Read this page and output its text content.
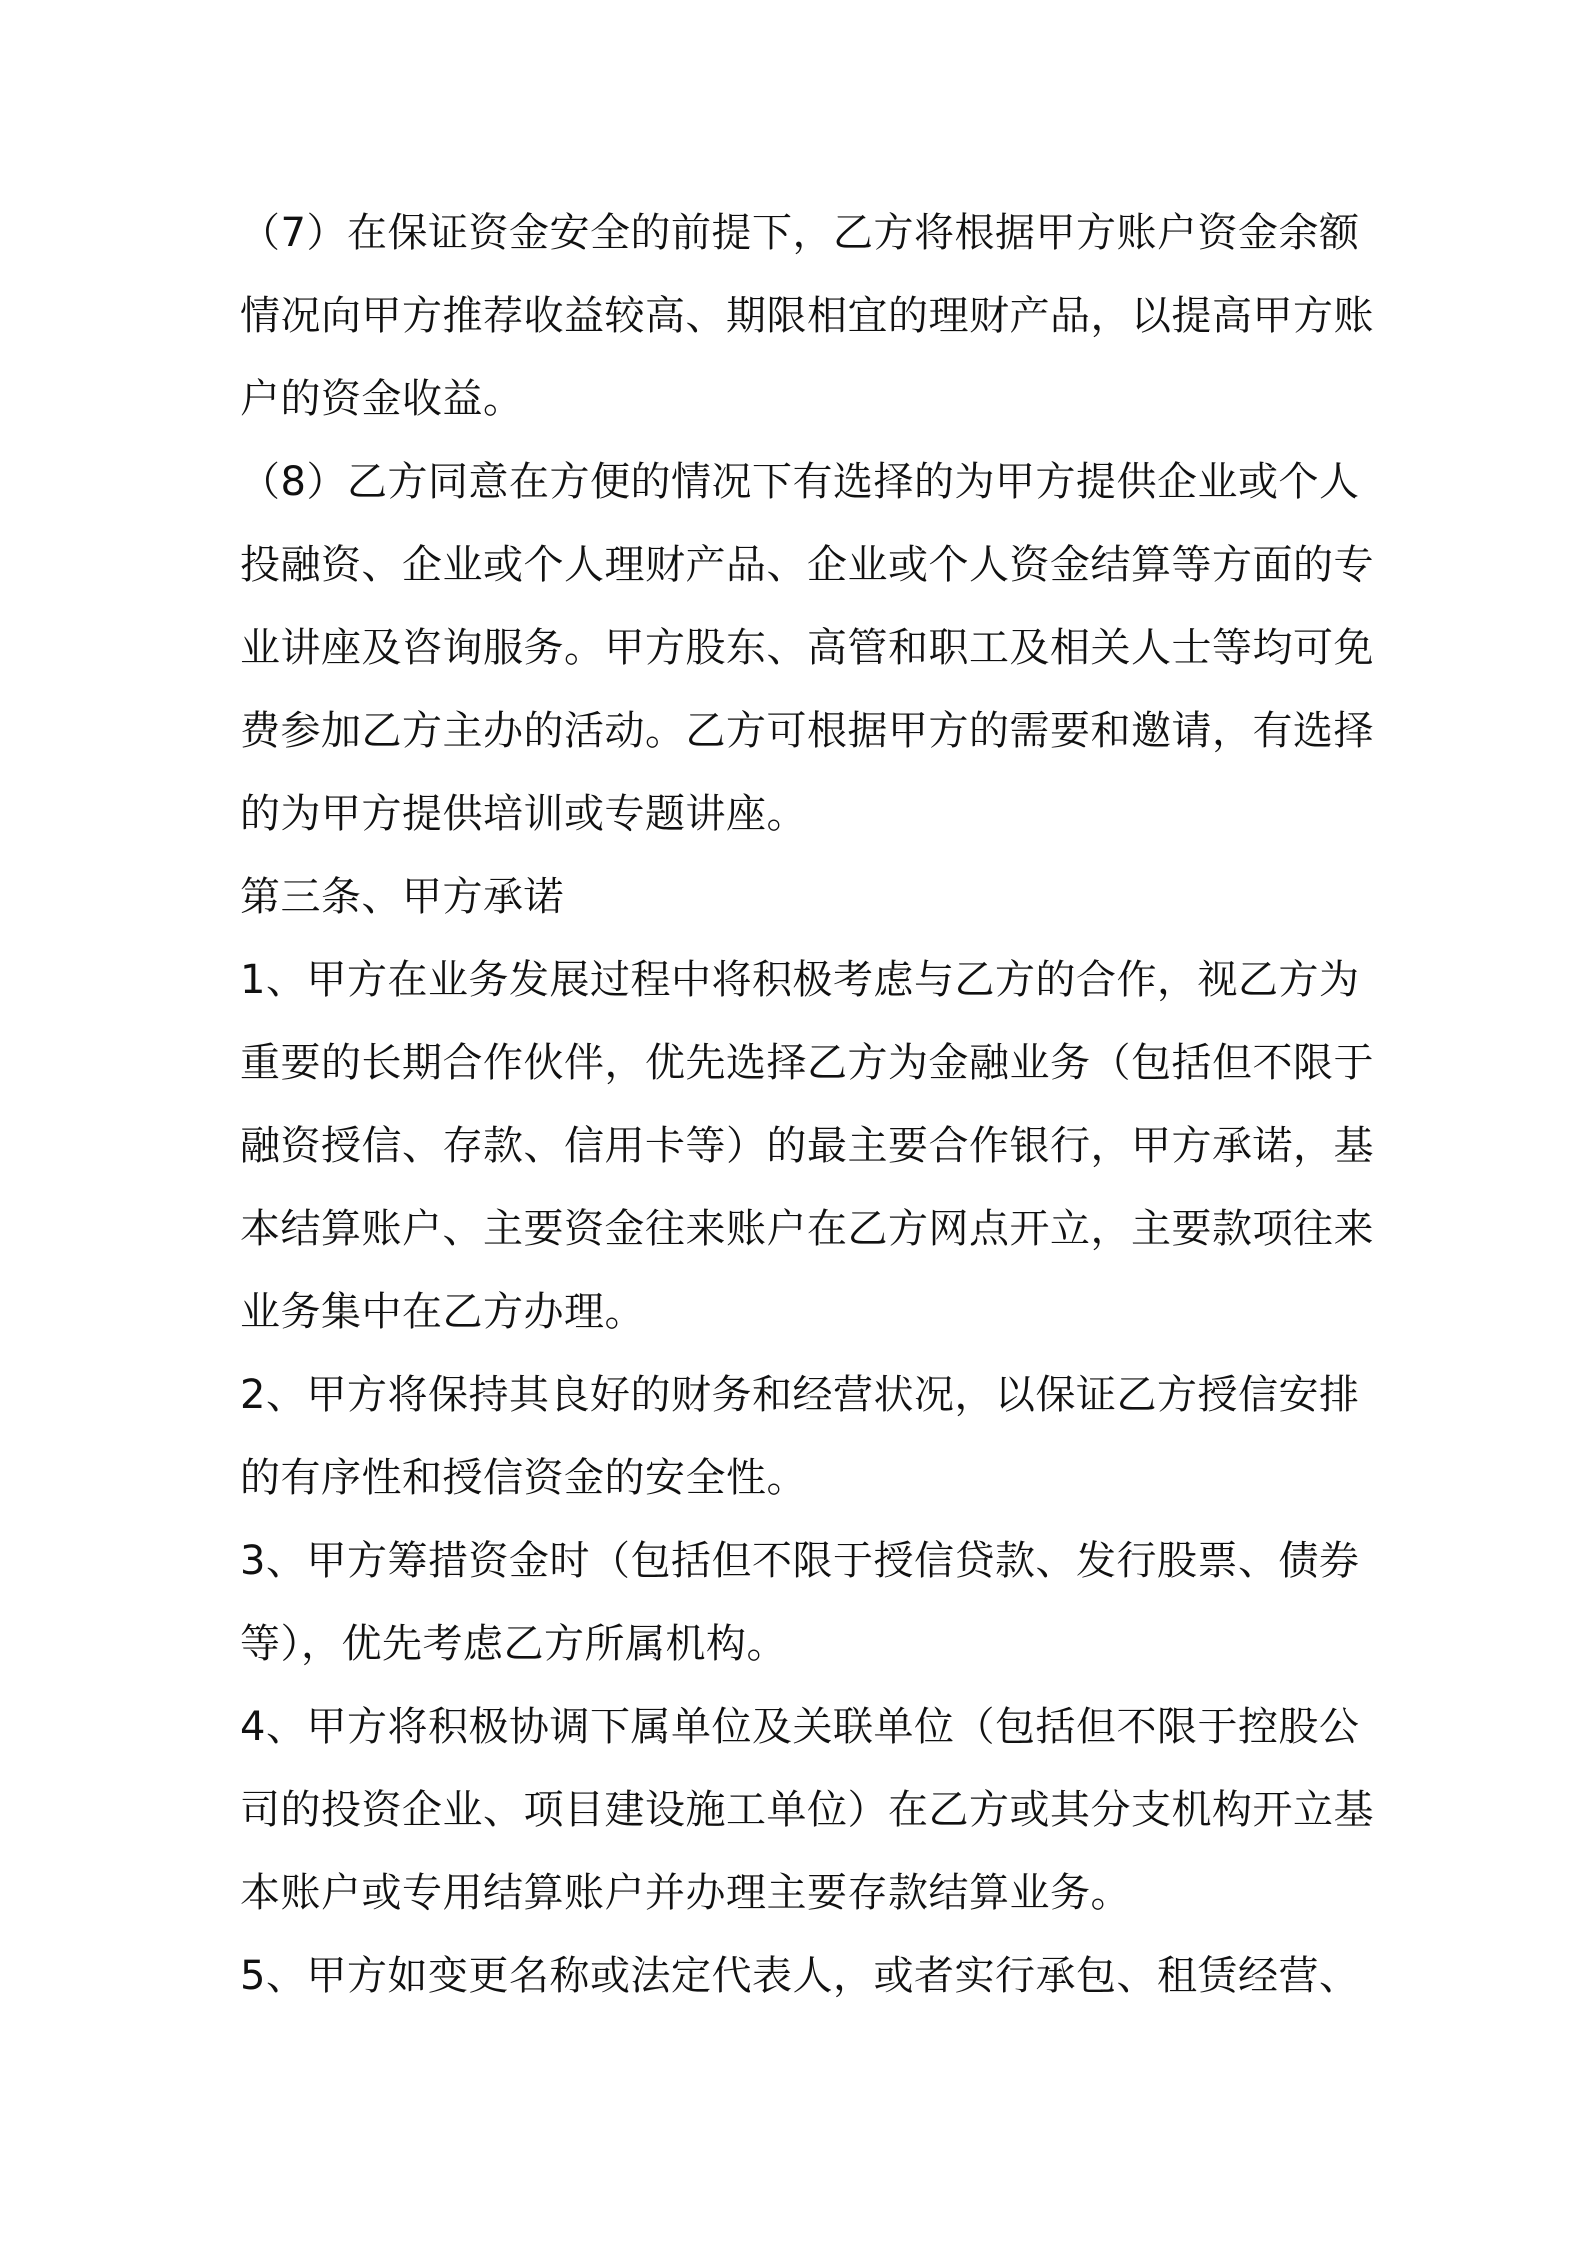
（7）在保证资金安全的前提下，乙方将根据甲方账户资金余额
情况向甲方推荐收益较高、期限相宜的理财产品，以提高甲方账
户的资金收益。
（8）乙方同意在方便的情况下有选择的为甲方提供企业或个人
投融资、企业或个人理财产品、企业或个人资金结算等方面的专
业讲座及咨询服务。甲方股东、高管和职工及相关人士等均可免
费参加乙方主办的活动。乙方可根据甲方的需要和邀请，有选择
的为甲方提供培训或专题讲座。
第三条、甲方承诺
1、甲方在业务发展过程中将积极考虑与乙方的合作，视乙方为
重要的长期合作伙伴，优先选择乙方为金融业务（包括但不限于
融资授信、存款、信用卡等）的最主要合作银行，甲方承诺，基
本结算账户、主要资金往来账户在乙方网点开立，主要款项往来
业务集中在乙方办理。
2、甲方将保持其良好的财务和经营状况，以保证乙方授信安排
的有序性和授信资金的安全性。
3、甲方筹措资金时（包括但不限于授信贷款、发行股票、债券
等），优先考虑乙方所属机构。
4、甲方将积极协调下属单位及关联单位（包括但不限于控股公
司的投资企业、项目建设施工单位）在乙方或其分支机构开立基
本账户或专用结算账户并办理主要存款结算业务。
5、甲方如变更名称或法定代表人，或者实行承包、租赁经营、
